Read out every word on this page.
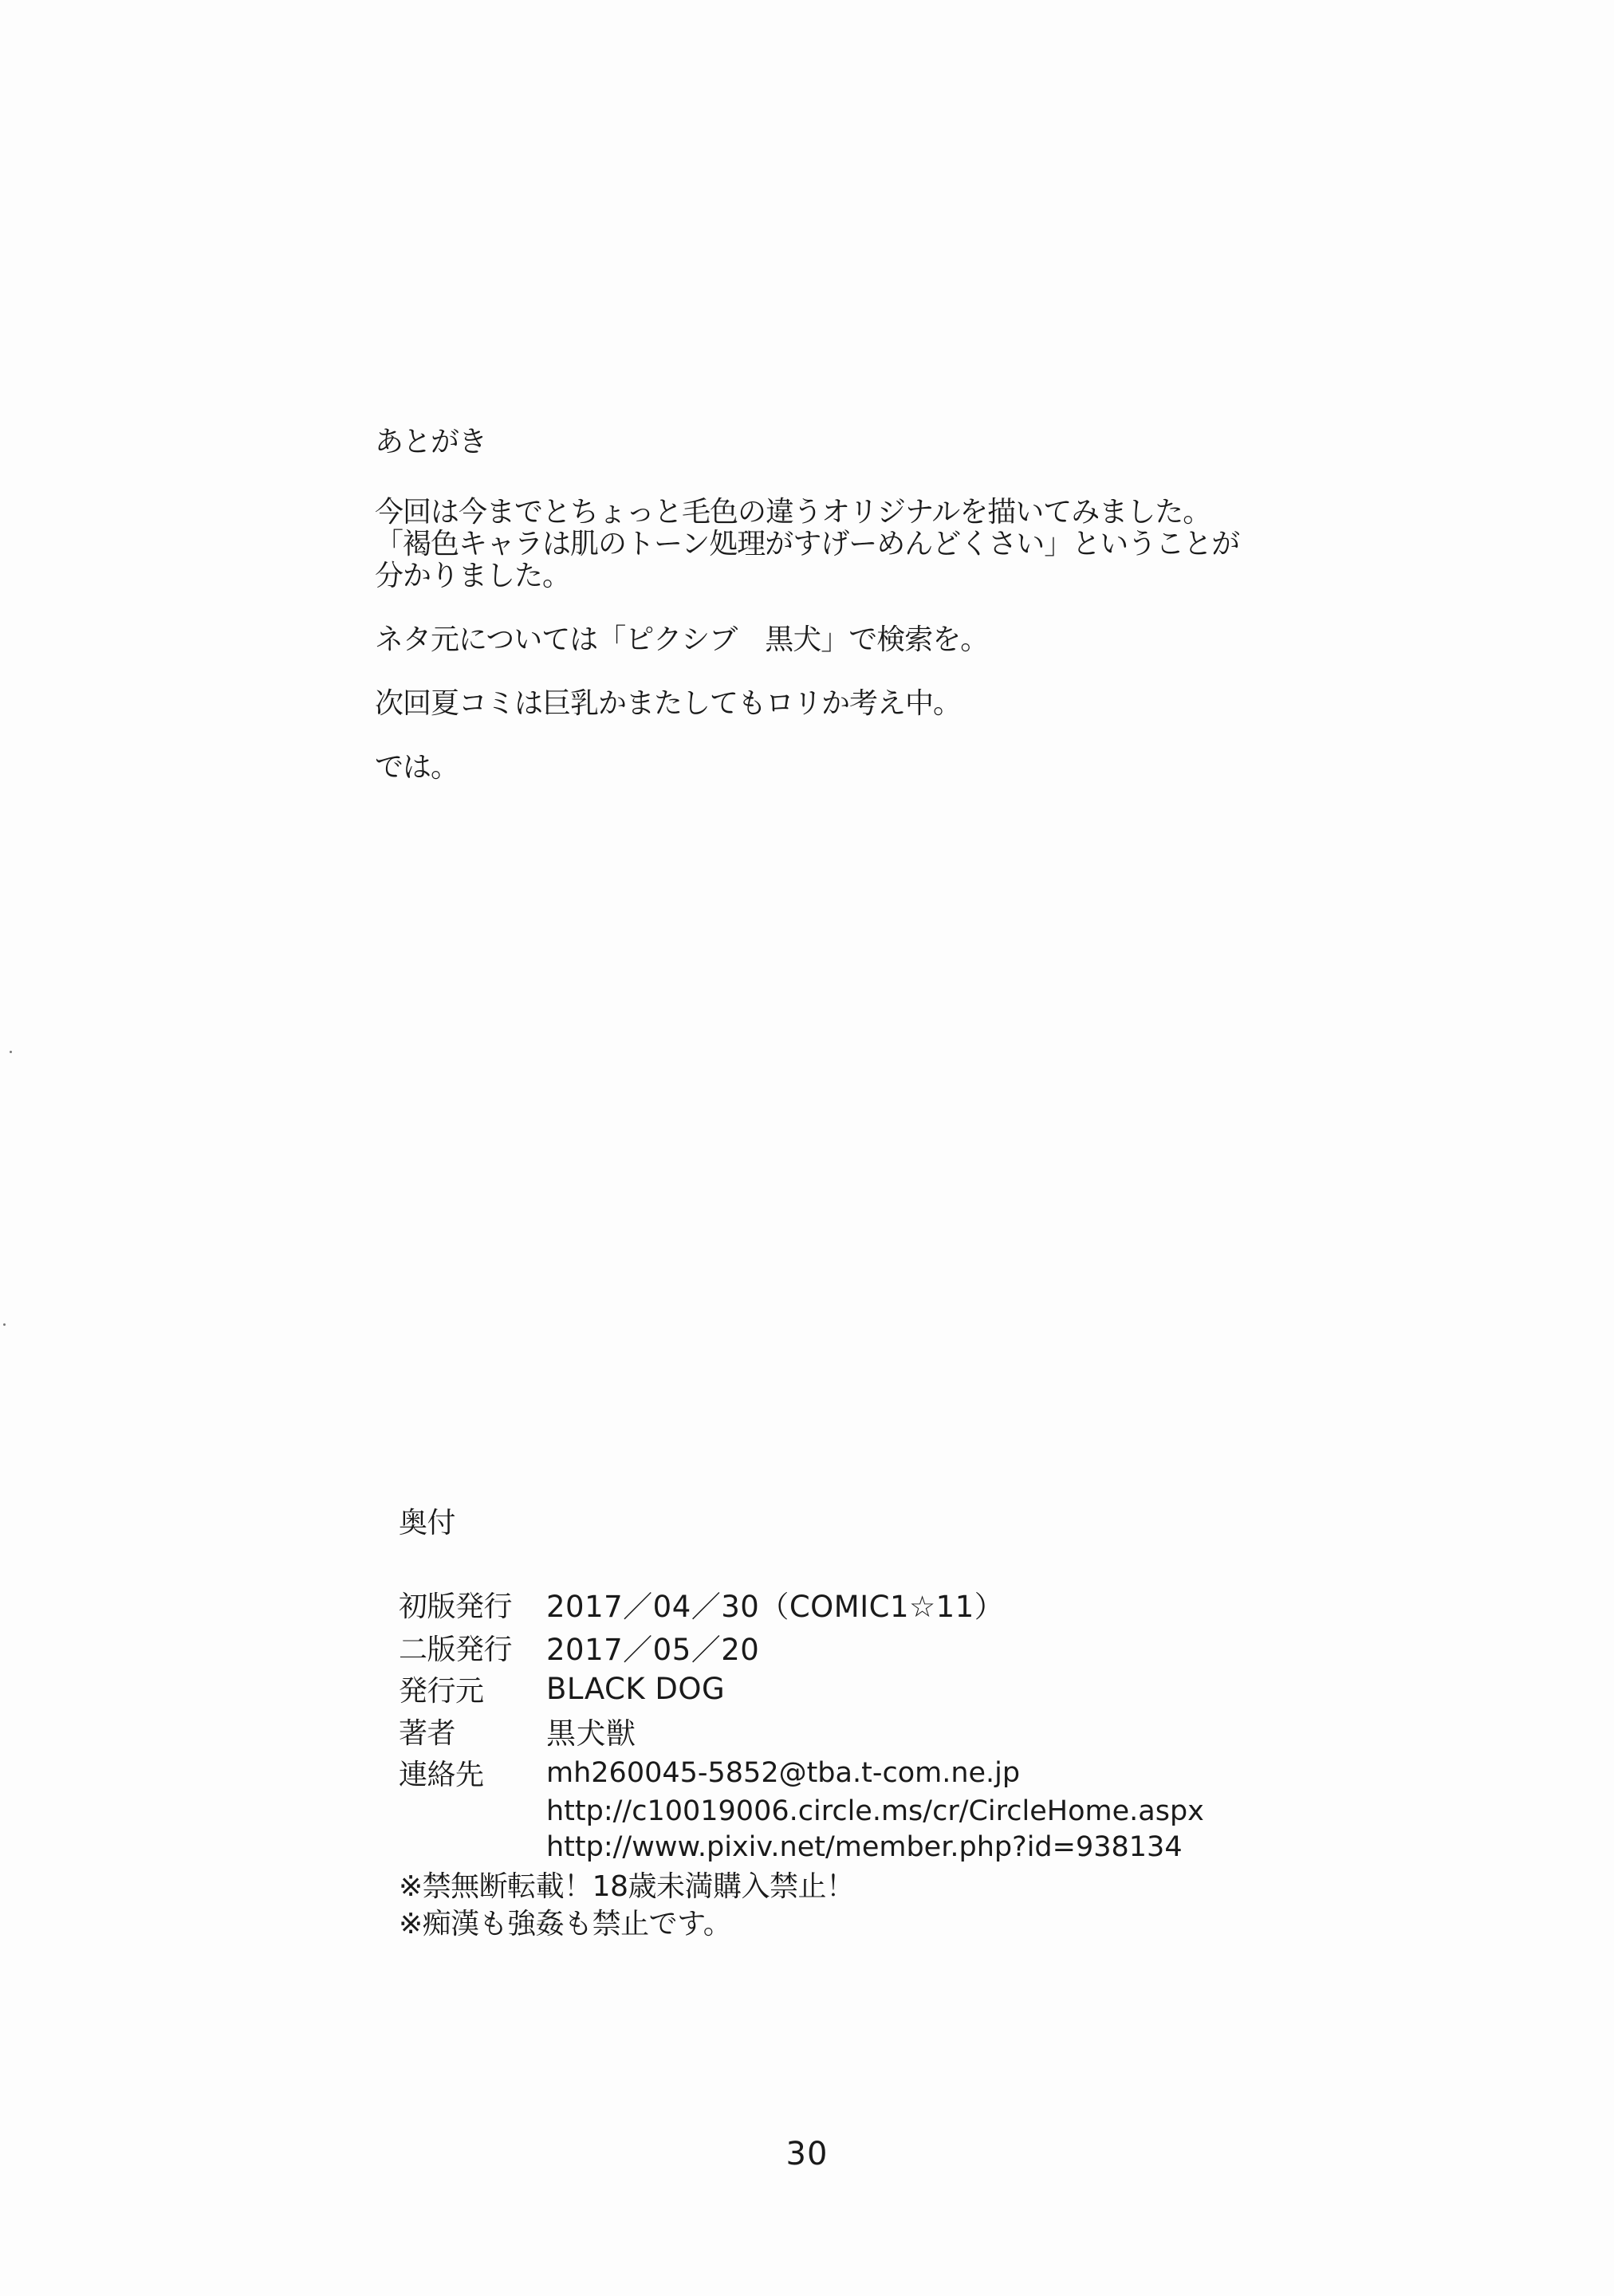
あとがき
今回は今までとちょっと毛色の違うオリジナルを描いてみました。
「褐色キャラは肌のトーン処理がすげーめんどくさい」ということが
分かりました。
ネタ元については「ピクシブ　黒犬」で検索を。
次回夏コミは巨乳かまたしてもロリか考え中。
では。
奥付
初版発行	2017／04／30（COMIC1☆11）
二版発行	2017／05／20
発行元	BLACK DOG
著者	黒犬獣
連絡先	mh260045-5852@tba.t-com.ne.jp
	http://c10019006.circle.ms/cr/CircleHome.aspx
	http://www.pixiv.net/member.php?id=938134
※禁無断転載！18歳未満購入禁止！
※痴漢も強姦も禁止です。
30
